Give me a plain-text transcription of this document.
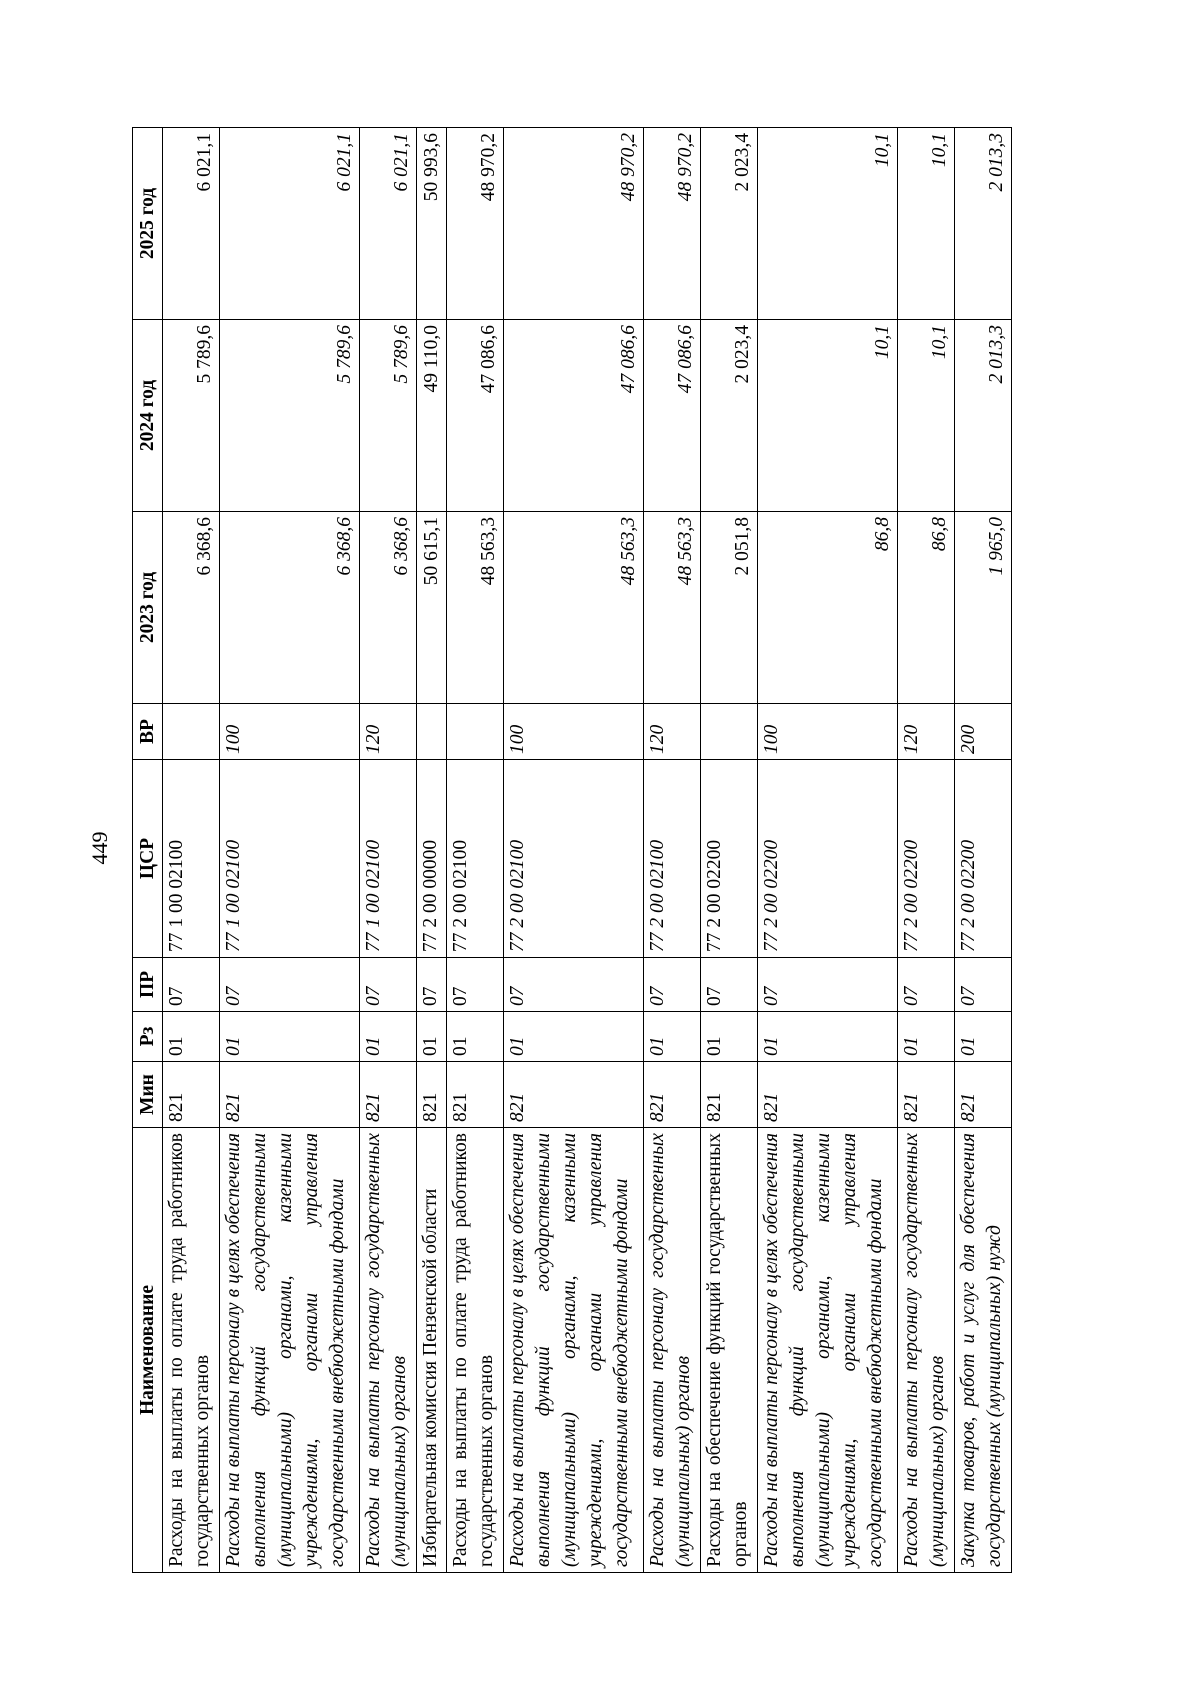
449
Наименование	Мин	Рз	ПР	ЦСР	ВР	2023 год	2024 год	2025 год
Расходы на выплаты по оплате труда работников государственных органов	821	01	07	77 1 00 02100		6 368,6	5 789,6	6 021,1
Расходы на выплаты персоналу в целях обеспечения выполнения функций государственными (муниципальными) органами, казенными учреждениями, органами управления государственными внебюджетными фондами	821	01	07	77 1 00 02100	100	6 368,6	5 789,6	6 021,1
Расходы на выплаты персоналу государственных (муниципальных) органов	821	01	07	77 1 00 02100	120	6 368,6	5 789,6	6 021,1
Избирательная комиссия Пензенской области	821	01	07	77 2 00 00000		50 615,1	49 110,0	50 993,6
Расходы на выплаты по оплате труда работников государственных органов	821	01	07	77 2 00 02100		48 563,3	47 086,6	48 970,2
Расходы на выплаты персоналу в целях обеспечения выполнения функций государственными (муниципальными) органами, казенными учреждениями, органами управления государственными внебюджетными фондами	821	01	07	77 2 00 02100	100	48 563,3	47 086,6	48 970,2
Расходы на выплаты персоналу государственных (муниципальных) органов	821	01	07	77 2 00 02100	120	48 563,3	47 086,6	48 970,2
Расходы на обеспечение функций государственных органов	821	01	07	77 2 00 02200		2 051,8	2 023,4	2 023,4
Расходы на выплаты персоналу в целях обеспечения выполнения функций государственными (муниципальными) органами, казенными учреждениями, органами управления государственными внебюджетными фондами	821	01	07	77 2 00 02200	100	86,8	10,1	10,1
Расходы на выплаты персоналу государственных (муниципальных) органов	821	01	07	77 2 00 02200	120	86,8	10,1	10,1
Закупка товаров, работ и услуг для обеспечения государственных (муниципальных) нужд	821	01	07	77 2 00 02200	200	1 965,0	2 013,3	2 013,3
